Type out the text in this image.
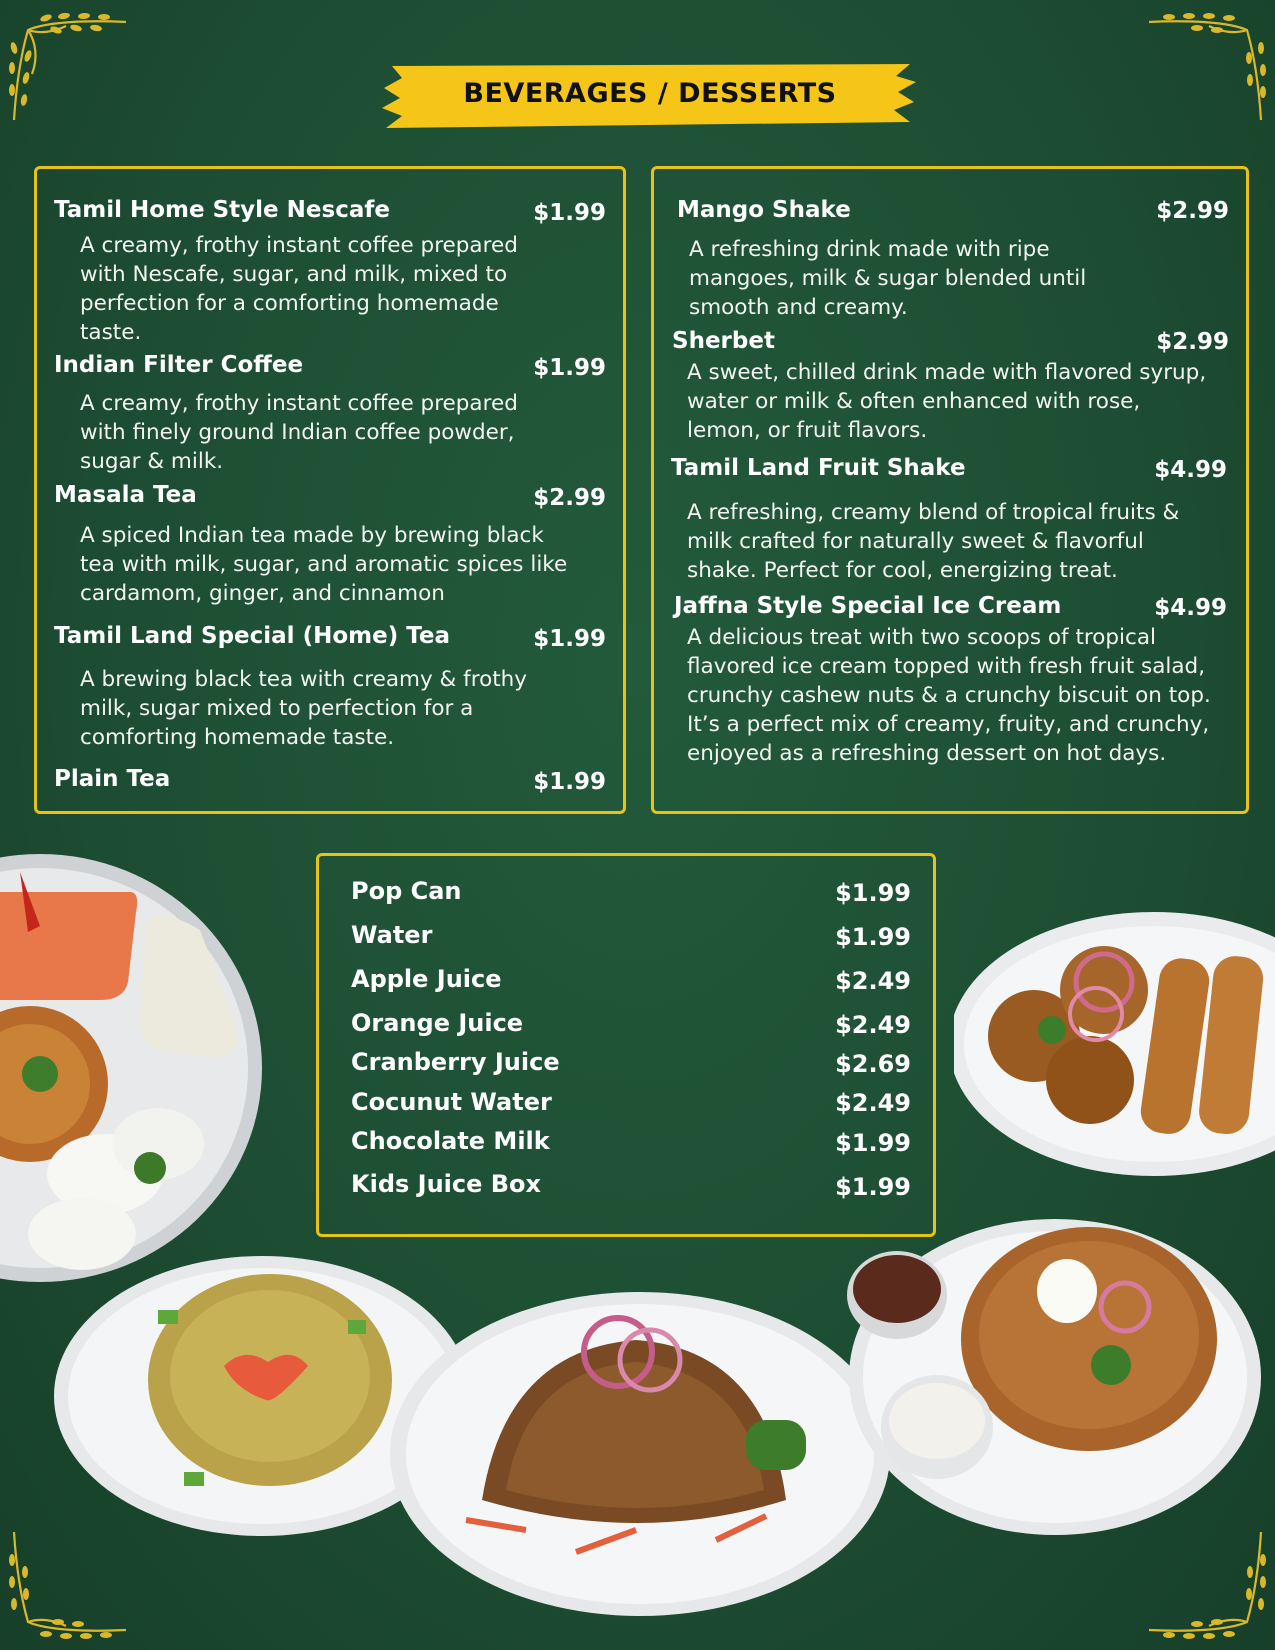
BEVERAGES / DESSERTS
Tamil Home Style Nescafe	$1.99
A creamy, frothy instant coffee prepared with Nescafe, sugar, and milk, mixed to perfection for a comforting homemade taste.
Indian Filter Coffee	$1.99
A creamy, frothy instant coffee prepared with finely ground Indian coffee powder, sugar & milk.
Masala Tea	$2.99
A spiced Indian tea made by brewing black tea with milk, sugar, and aromatic spices like cardamom, ginger, and cinnamon
Tamil Land Special (Home) Tea	$1.99
A brewing black tea with creamy & frothy milk, sugar mixed to perfection for a comforting homemade taste.
Plain Tea	$1.99
Mango Shake	$2.99
A refreshing drink made with ripe mangoes, milk & sugar blended until smooth and creamy.
Sherbet	$2.99
A sweet, chilled drink made with flavored syrup, water or milk & often enhanced with rose, lemon, or fruit flavors.
Tamil Land Fruit Shake	$4.99
A refreshing, creamy blend of tropical fruits & milk crafted for naturally sweet & flavorful shake. Perfect for cool, energizing treat.
Jaffna Style Special Ice Cream	$4.99
A delicious treat with two scoops of tropical flavored ice cream topped with fresh fruit salad, crunchy cashew nuts & a crunchy biscuit on top. It’s a perfect mix of creamy, fruity, and crunchy, enjoyed as a refreshing dessert on hot days.
Pop Can	$1.99
Water	$1.99
Apple Juice	$2.49
Orange Juice	$2.49
Cranberry Juice	$2.69
Cocunut Water	$2.49
Chocolate Milk	$1.99
Kids Juice Box	$1.99
